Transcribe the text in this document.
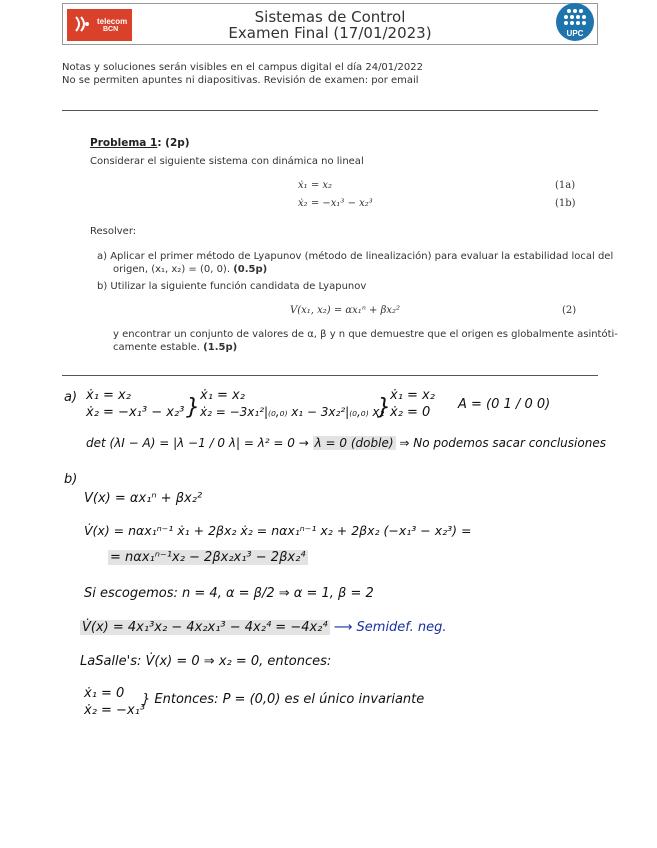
telecom
BCN
Sistemas de Control
Examen Final (17/01/2023)	UPC
Notas y soluciones serán visibles en el campus digital el día 24/01/2022
No se permiten apuntes ni diapositivas. Revisión de examen: por email
Problema 1: (2p)
Considerar el siguiente sistema con dinámica no lineal
ẋ₁ = x₂	(1a)
ẋ₂ = −x₁³ − x₂³	(1b)
Resolver:
a) Aplicar el primer método de Lyapunov (método de linealización) para evaluar la estabilidad local del
origen, (x₁, x₂) = (0, 0). (0.5p)
b) Utilizar la siguiente función candidata de Lyapunov
V(x₁, x₂) = αx₁ⁿ + βx₂²	(2)
y encontrar un conjunto de valores de α, β y n que demuestre que el origen es globalmente asintóti-
camente estable. (1.5p)
a) ẋ₁ = x₂
ẋ₂ = −x₁³ − x₂³ } ẋ₁ = x₂
ẋ₂ = −3x₁²|₍₀,₀₎ x₁ − 3x₂²|₍₀,₀₎ x₂
} ẋ₁ = x₂
ẋ₂ = 0
A = (0 1 / 0 0)
det (λI − A) = |λ −1 / 0 λ| = λ² = 0 → λ = 0 (doble) ⇒ No podemos sacar conclusiones
b)
V(x) = αx₁ⁿ + βx₂²
V̇(x) = nαx₁ⁿ⁻¹ ẋ₁ + 2βx₂ ẋ₂ = nαx₁ⁿ⁻¹ x₂ + 2βx₂ (−x₁³ − x₂³) =
= nαx₁ⁿ⁻¹x₂ − 2βx₂x₁³ − 2βx₂⁴
Si escogemos: n = 4, α = β/2 ⇒ α = 1, β = 2
V̇(x) = 4x₁³x₂ − 4x₂x₁³ − 4x₂⁴ = −4x₂⁴ ⟶ Semidef. neg.
LaSalle's: V̇(x) = 0 ⇒ x₂ = 0, entonces:
ẋ₁ = 0
ẋ₂ = −x₁³
} Entonces: P = (0,0) es el único invariante
